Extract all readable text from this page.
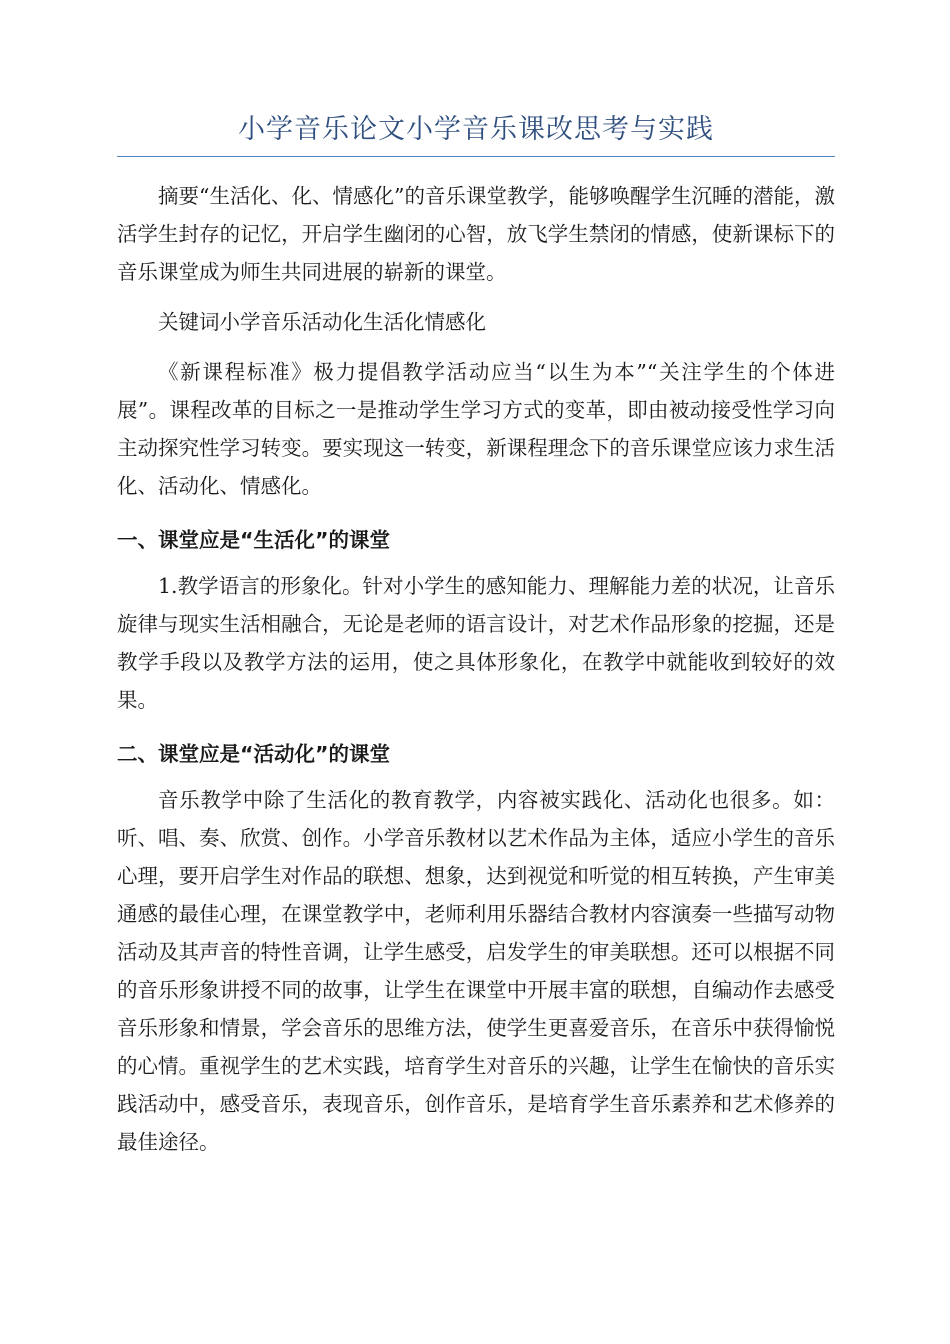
小学音乐论文小学音乐课改思考与实践

摘要“生活化、化、情感化”的音乐课堂教学，能够唤醒学生沉睡的潜能，激活学生封存的记忆，开启学生幽闭的心智，放飞学生禁闭的情感，使新课标下的音乐课堂成为师生共同进展的崭新的课堂。

关键词小学音乐活动化生活化情感化

《新课程标准》极力提倡教学活动应当“以生为本”“关注学生的个体进展”。课程改革的目标之一是推动学生学习方式的变革，即由被动接受性学习向主动探究性学习转变。要实现这一转变，新课程理念下的音乐课堂应该力求生活化、活动化、情感化。

一、课堂应是“生活化”的课堂

1.教学语言的形象化。针对小学生的感知能力、理解能力差的状况，让音乐旋律与现实生活相融合，无论是老师的语言设计，对艺术作品形象的挖掘，还是教学手段以及教学方法的运用，使之具体形象化，在教学中就能收到较好的效果。

二、课堂应是“活动化”的课堂

音乐教学中除了生活化的教育教学，内容被实践化、活动化也很多。如：听、唱、奏、欣赏、创作。小学音乐教材以艺术作品为主体，适应小学生的音乐心理，要开启学生对作品的联想、想象，达到视觉和听觉的相互转换，产生审美通感的最佳心理，在课堂教学中，老师利用乐器结合教材内容演奏一些描写动物活动及其声音的特性音调，让学生感受，启发学生的审美联想。还可以根据不同的音乐形象讲授不同的故事，让学生在课堂中开展丰富的联想，自编动作去感受音乐形象和情景，学会音乐的思维方法，使学生更喜爱音乐，在音乐中获得愉悦的心情。重视学生的艺术实践，培育学生对音乐的兴趣，让学生在愉快的音乐实践活动中，感受音乐，表现音乐，创作音乐，是培育学生音乐素养和艺术修养的最佳途径。
